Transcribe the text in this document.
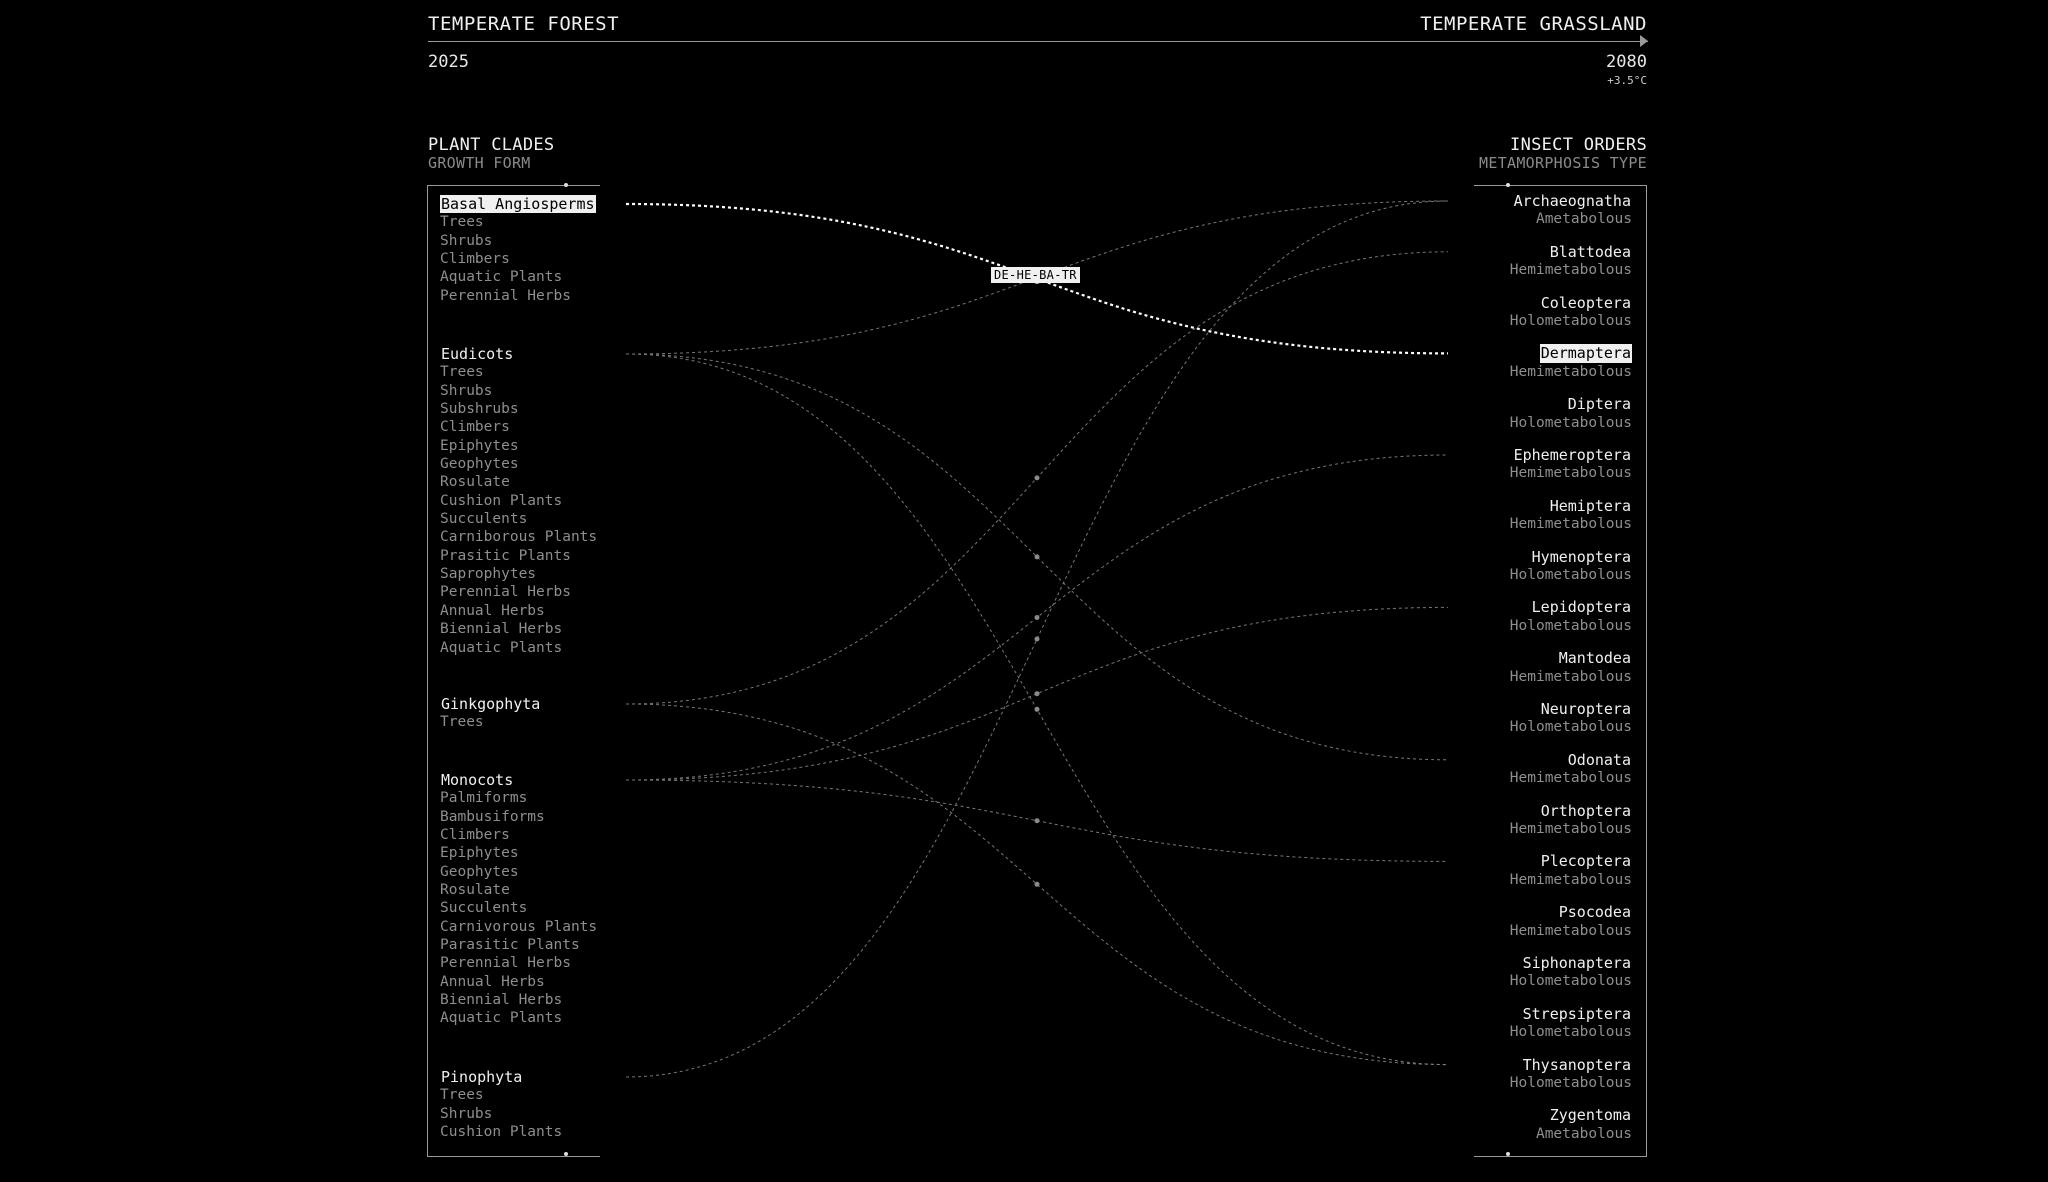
TEMPERATE FOREST	TEMPERATE GRASSLAND
2025	2080
+3.5°C
PLANT CLADES
GROWTH FORM
INSECT ORDERS
METAMORPHOSIS TYPE
Basal Angiosperms
Trees
Shrubs
Climbers
Aquatic Plants
Perennial Herbs
Eudicots
Trees
Shrubs
Subshrubs
Climbers
Epiphytes
Geophytes
Rosulate
Cushion Plants
Succulents
Carniborous Plants
Prasitic Plants
Saprophytes
Perennial Herbs
Annual Herbs
Biennial Herbs
Aquatic Plants
Ginkgophyta
Trees
Monocots
Palmiforms
Bambusiforms
Climbers
Epiphytes
Geophytes
Rosulate
Succulents
Carnivorous Plants
Parasitic Plants
Perennial Herbs
Annual Herbs
Biennial Herbs
Aquatic Plants
Pinophyta
Trees
Shrubs
Cushion Plants
Archaeognatha
Ametabolous
Blattodea
Hemimetabolous
Coleoptera
Holometabolous
Dermaptera
Hemimetabolous
Diptera
Holometabolous
Ephemeroptera
Hemimetabolous
Hemiptera
Hemimetabolous
Hymenoptera
Holometabolous
Lepidoptera
Holometabolous
Mantodea
Hemimetabolous
Neuroptera
Holometabolous
Odonata
Hemimetabolous
Orthoptera
Hemimetabolous
Plecoptera
Hemimetabolous
Psocodea
Hemimetabolous
Siphonaptera
Holometabolous
Strepsiptera
Holometabolous
Thysanoptera
Holometabolous
Zygentoma
Ametabolous
DE-HE-BA-TR
